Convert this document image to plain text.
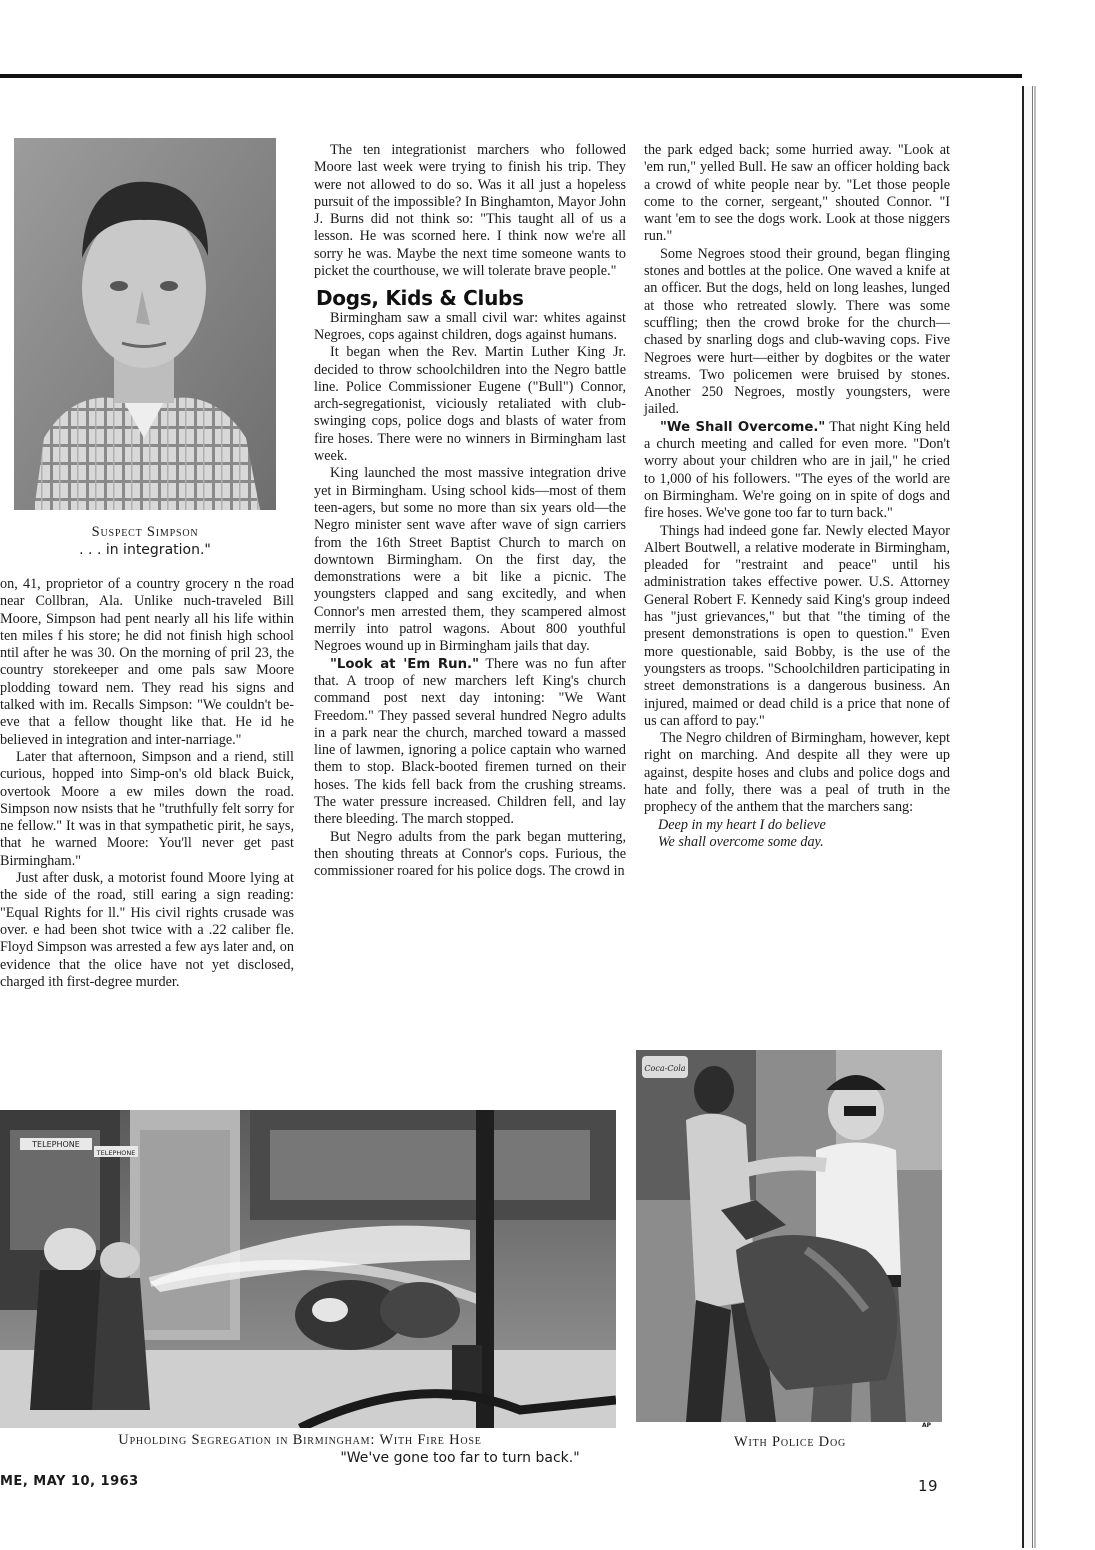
Suspect Simpson
. . . in integration."

on, 41, proprietor of a country grocery n the road near Collbran, Ala. Unlike nuch-traveled Bill Moore, Simpson had pent nearly all his life within ten miles f his store; he did not finish high school ntil after he was 30. On the morning of pril 23, the country storekeeper and ome pals saw Moore plodding toward nem. They read his signs and talked with im. Recalls Simpson: "We couldn't be-eve that a fellow thought like that. He id he believed in integration and inter-narriage."

Later that afternoon, Simpson and a riend, still curious, hopped into Simp-on's old black Buick, overtook Moore a ew miles down the road. Simpson now nsists that he "truthfully felt sorry for ne fellow." It was in that sympathetic pirit, he says, that he warned Moore: You'll never get past Birmingham."

Just after dusk, a motorist found Moore lying at the side of the road, still earing a sign reading: "Equal Rights for ll." His civil rights crusade was over. e had been shot twice with a .22 caliber fle. Floyd Simpson was arrested a few ays later and, on evidence that the olice have not yet disclosed, charged ith first-degree murder.

The ten integrationist marchers who followed Moore last week were trying to finish his trip. They were not allowed to do so. Was it all just a hopeless pursuit of the impossible? In Binghamton, Mayor John J. Burns did not think so: "This taught all of us a lesson. He was scorned here. I think now we're all sorry he was. Maybe the next time someone wants to picket the courthouse, we will tolerate brave people."

Dogs, Kids & Clubs

Birmingham saw a small civil war: whites against Negroes, cops against children, dogs against humans.

It began when the Rev. Martin Luther King Jr. decided to throw schoolchildren into the Negro battle line. Police Commissioner Eugene ("Bull") Connor, arch-segregationist, viciously retaliated with club-swinging cops, police dogs and blasts of water from fire hoses. There were no winners in Birmingham last week.

King launched the most massive integration drive yet in Birmingham. Using school kids—most of them teen-agers, but some no more than six years old—the Negro minister sent wave after wave of sign carriers from the 16th Street Baptist Church to march on downtown Birmingham. On the first day, the demonstrations were a bit like a picnic. The youngsters clapped and sang excitedly, and when Connor's men arrested them, they scampered almost merrily into patrol wagons. About 800 youthful Negroes wound up in Birmingham jails that day.

"Look at 'Em Run." There was no fun after that. A troop of new marchers left King's church command post next day intoning: "We Want Freedom." They passed several hundred Negro adults in a park near the church, marched toward a massed line of lawmen, ignoring a police captain who warned them to stop. Black-booted firemen turned on their hoses. The kids fell back from the crushing streams. The water pressure increased. Children fell, and lay there bleeding. The march stopped.

But Negro adults from the park began muttering, then shouting threats at Connor's cops. Furious, the commissioner roared for his police dogs. The crowd in

the park edged back; some hurried away. "Look at 'em run," yelled Bull. He saw an officer holding back a crowd of white people near by. "Let those people come to the corner, sergeant," shouted Connor. "I want 'em to see the dogs work. Look at those niggers run."

Some Negroes stood their ground, began flinging stones and bottles at the police. One waved a knife at an officer. But the dogs, held on long leashes, lunged at those who retreated slowly. There was some scuffling; then the crowd broke for the church—chased by snarling dogs and club-waving cops. Five Negroes were hurt—either by dogbites or the water streams. Two policemen were bruised by stones. Another 250 Negroes, mostly youngsters, were jailed.

"We Shall Overcome." That night King held a church meeting and called for even more. "Don't worry about your children who are in jail," he cried to 1,000 of his followers. "The eyes of the world are on Birmingham. We're going on in spite of dogs and fire hoses. We've gone too far to turn back."

Things had indeed gone far. Newly elected Mayor Albert Boutwell, a relative moderate in Birmingham, pleaded for "restraint and peace" until his administration takes effective power. U.S. Attorney General Robert F. Kennedy said King's group indeed has "just grievances," but that "the timing of the present demonstrations is open to question." Even more questionable, said Bobby, is the use of the youngsters as troops. "Schoolchildren participating in street demonstrations is a dangerous business. An injured, maimed or dead child is a price that none of us can afford to pay."

The Negro children of Birmingham, however, kept right on marching. And despite all they were up against, despite hoses and clubs and police dogs and hate and folly, there was a peal of truth in the prophecy of the anthem that the marchers sang:

Deep in my heart I do believe

We shall overcome some day.

TELEPHONE
TELEPHONE
Upholding Segregation in Birmingham: With Fire Hose
"We've gone too far to turn back."
Coca-Cola
AP
With Police Dog
ME, MAY 10, 1963	19
